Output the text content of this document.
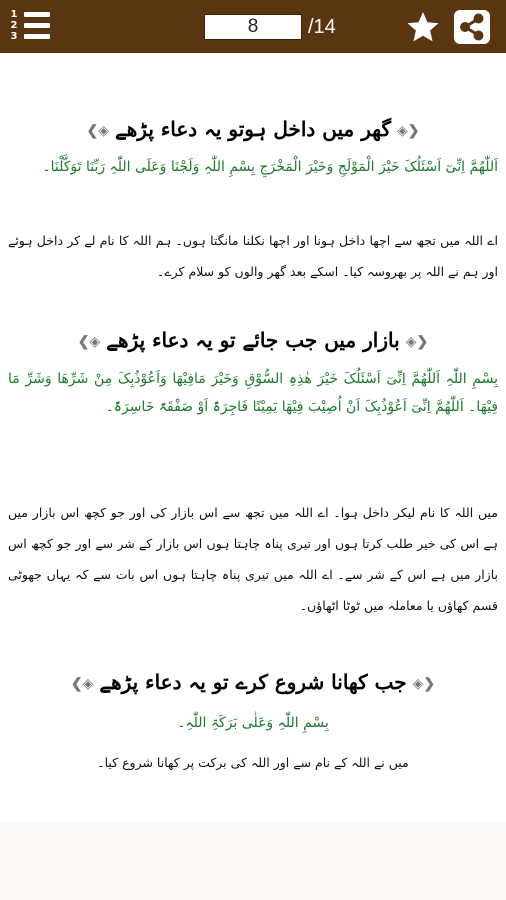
1
2
3	8	/14
❮◈گھر میں داخل ہوتو یہ دعاء پڑھے◈❯
اَللّٰھُمَّ اِنِّیٓ اَسْئَلُکَ خَیْرَ الْمَوْلَجِ وَخَیْرَ الْمَخْرَجِ بِسْمِ اللّٰہِ وَلَجْنَا وَعَلَی اللّٰہِ رَبِّنَا تَوَکَّلْنَا۔
اے اللہ میں تجھ سے اچھا داخل ہونا اور اچھا نکلنا مانگتا ہوں۔ ہم اللہ کا نام لے کر داخل ہوئے اور ہم نے اللہ پر بھروسہ کیا۔ اسکے بعد گھر والوں کو سلام کرے۔
❮◈بازار میں جب جائے تو یہ دعاء پڑھے◈❯
بِسْمِ اللّٰہِ اَللّٰھُمَّ اِنِّیٓ اَسْئَلُکَ خَیْرَ ھٰذِہِ السُّوْقِ وَخَیْرَ مَافِیْھَا وَاَعُوْذُبِکَ مِنْ شَرِّھَا وَشَرِّ مَا فِیْھَا۔ اَللّٰھُمَّ اِنِّیٓ اَعُوْذُبِکَ اَنْ اُصِیْبَ فِیْھَا یَمِیْنًا فَاجِرَۃً اَوْ صَفْقَۃً خَاسِرَۃً۔
میں اللہ کا نام لیکر داخل ہوا۔ اے اللہ میں تجھ سے اس بازار کی اور جو کچھ اس بازار میں ہے اس کی خیر طلب کرتا ہوں اور تیری پناہ چاہتا ہوں اس بازار کے شر سے اور جو کچھ اس بازار میں ہے اس کے شر سے۔ اے اللہ میں تیری پناہ چاہتا ہوں اس بات سے کہ یہاں جھوٹی قسم کھاؤں یا معاملہ میں ٹوٹا اٹھاؤں۔
❮◈جب کھانا شروع کرے تو یہ دعاء پڑھے◈❯
بِسْمِ اللّٰہِ وَعَلٰی بَرَکَۃِ اللّٰہِ۔
میں نے اللہ کے نام سے اور اللہ کی برکت پر کھانا شروع کیا۔
